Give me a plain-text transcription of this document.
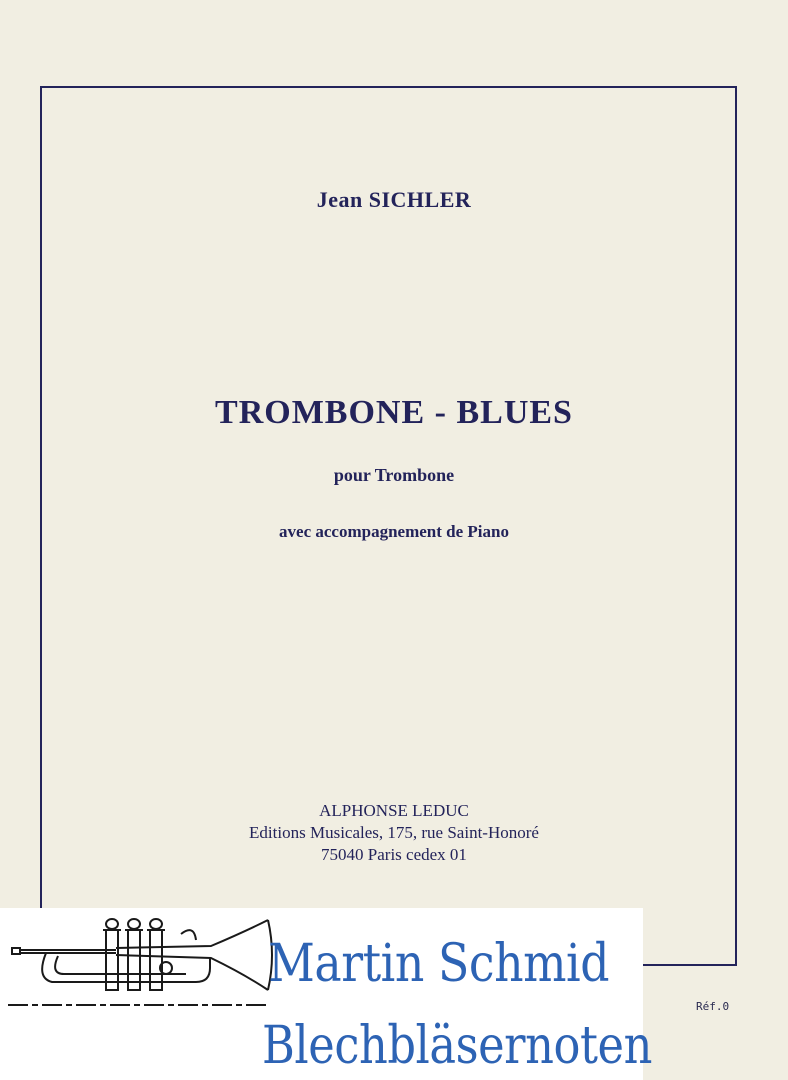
Jean SICHLER
TROMBONE - BLUES
pour Trombone
avec accompagnement de Piano
ALPHONSE LEDUC
Editions Musicales, 175, rue Saint-Honoré
75040 Paris cedex 01
Réf.0
Martin Schmid
Blechbläsernoten
